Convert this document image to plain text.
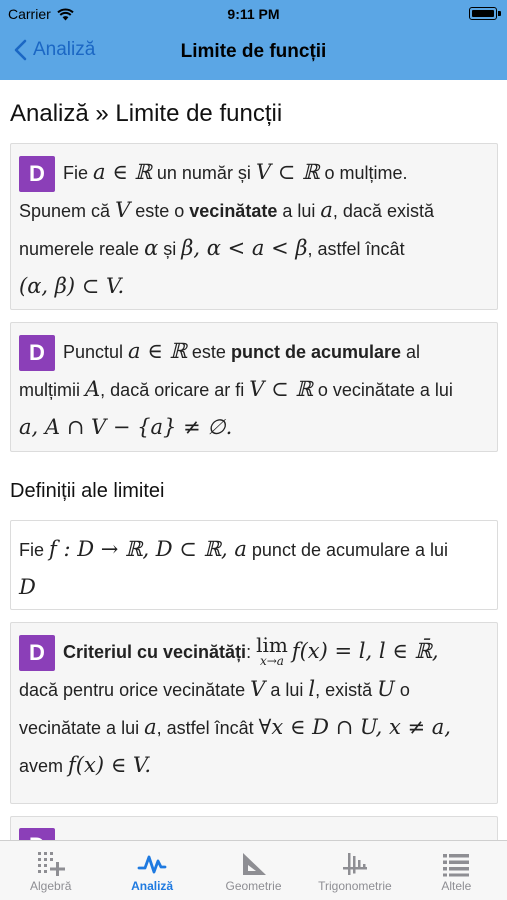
Carrier	9:11 PM
Analiză	Limite de funcții
Analiză » Limite de funcții
D Fie a ∈ ℝ un număr și V ⊂ ℝ o mulțime.
Spunem că V este o vecinătate a lui a, dacă există
numerele reale α și β, α < a < β, astfel încât
(α, β) ⊂ V.
D Punctul a ∈ ℝ este punct de acumulare al
mulțimii A, dacă oricare ar fi V ⊂ ℝ o vecinătate a lui
a, A ∩ V − {a} ≠ ∅.
Definiții ale limitei
Fie f : D → ℝ, D ⊂ ℝ, a punct de acumulare a lui
D
D Criteriul cu vecinătăți: lim
x→a f(x) = l, l ∈ ℝ̄,
dacă pentru orice vecinătate V a lui l, există U o
vecinătate a lui a, astfel încât ∀x ∈ D ∩ U, x ≠ a,
avem f(x) ∈ V.
Algebră	Analiză	Geometrie	Trigonometrie	Altele
